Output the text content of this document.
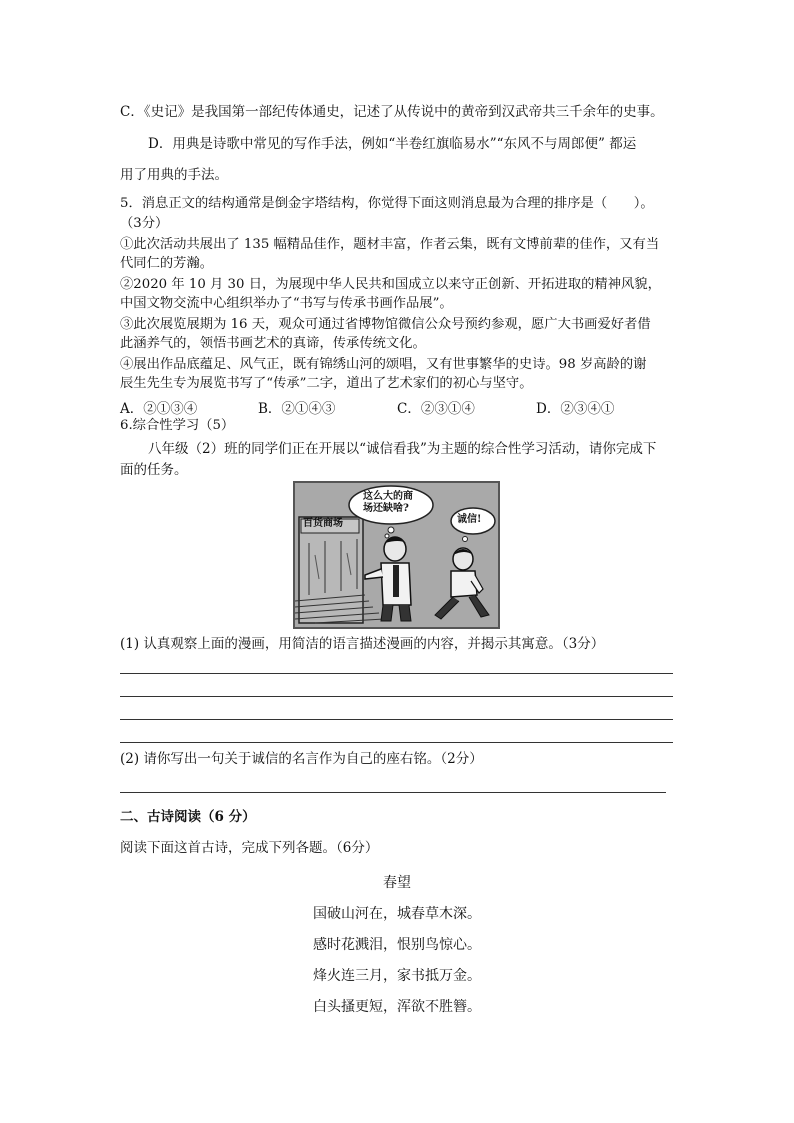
C．《史记》是我国第一部纪传体通史，记述了从传说中的黄帝到汉武帝共三千余年的史事。
D．用典是诗歌中常见的写作手法，例如“半卷红旗临易水”“东风不与周郎便” 都运
用了用典的手法。
5．消息正文的结构通常是倒金字塔结构，你觉得下面这则消息最为合理的排序是（　　）。
（3分）
①此次活动共展出了 135 幅精品佳作，题材丰富，作者云集，既有文博前辈的佳作，又有当
代同仁的芳瀚。
②2020 年 10 月 30 日，为展现中华人民共和国成立以来守正创新、开拓进取的精神风貌，
中国文物交流中心组织举办了“书写与传承书画作品展”。
③此次展览展期为 16 天，观众可通过省博物馆微信公众号预约参观，愿广大书画爱好者借
此涵养气的，领悟书画艺术的真谛，传承传统文化。
④展出作品底蕴足、风气正，既有锦绣山河的颂唱，又有世事繁华的史诗。98 岁高龄的谢
辰生先生专为展览书写了“传承”二字，道出了艺术家们的初心与坚守。
A．②①③④	B．②①④③	C．②③①④	D．②③④①
6.综合性学习（5）
八年级（2）班的同学们正在开展以“诚信看我”为主题的综合性学习活动，请你完成下
面的任务。
百货商场
这么大的商
场还缺啥?
诚信!
(1) 认真观察上面的漫画，用简洁的语言描述漫画的内容，并揭示其寓意。（3分）
(2) 请你写出一句关于诚信的名言作为自己的座右铭。（2分）
二、古诗阅读（6 分）
阅读下面这首古诗，完成下列各题。（6分）
春望
国破山河在，城春草木深。
感时花溅泪，恨别鸟惊心。
烽火连三月，家书抵万金。
白头搔更短，浑欲不胜簪。
